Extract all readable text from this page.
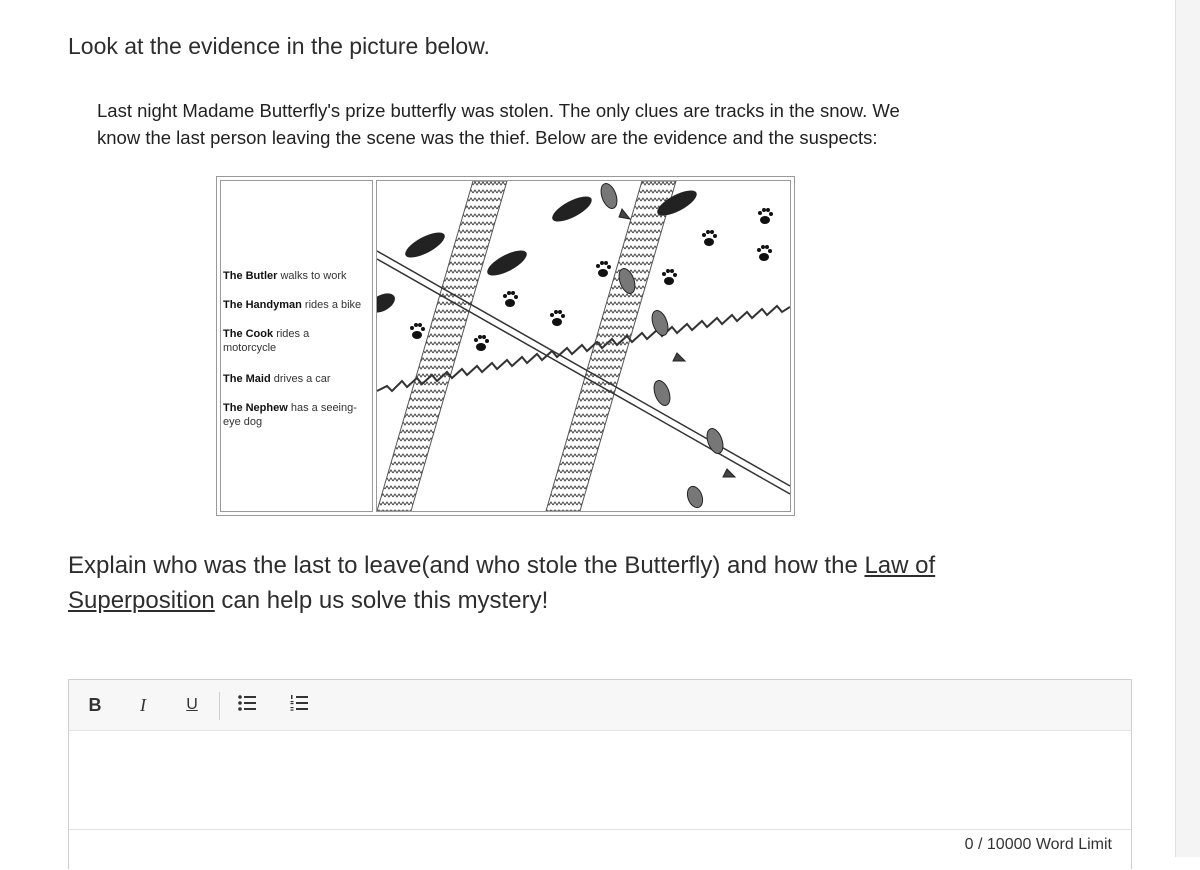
Look at the evidence in the picture below.
Last night Madame Butterfly's prize butterfly was stolen. The only clues are tracks in the snow. We
know the last person leaving the scene was the thief. Below are the evidence and the suspects:
The Butler walks to work
The Handyman rides a bike
The Cook rides a motorcycle
The Maid drives a car
The Nephew has a seeing-eye dog
Explain who was the last to leave(and who stole the Butterfly) and how the Law of Superposition can help us solve this mystery!
B	I	U
0 / 10000 Word Limit
